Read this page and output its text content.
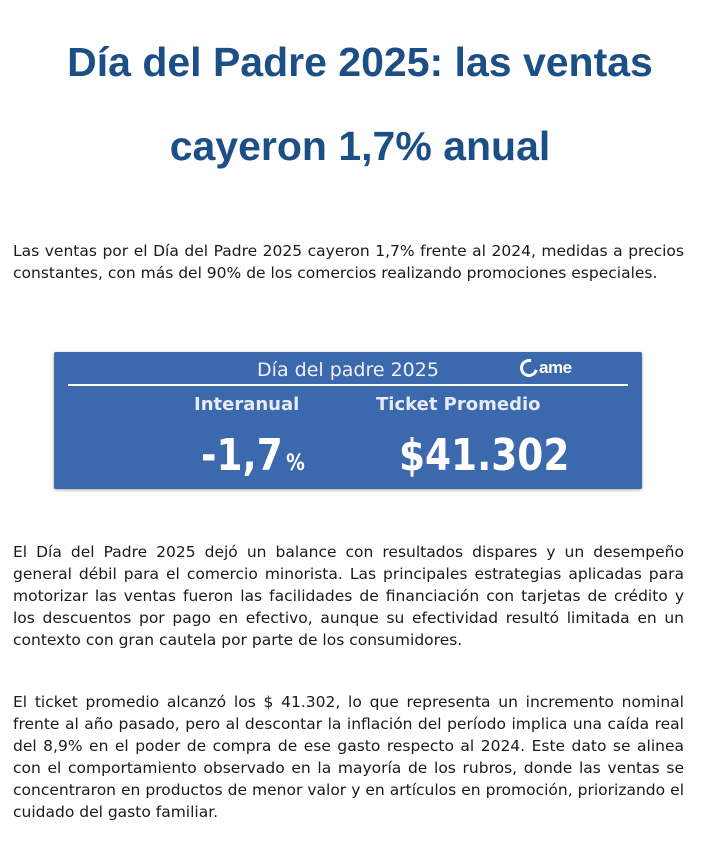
Día del Padre 2025: las ventas cayeron 1,7% anual

Las ventas por el Día del Padre 2025 cayeron 1,7% frente al 2024, medidas a precios constantes, con más del 90% de los comercios realizando promociones especiales.

Día del padre 2025	ame
Interanual	Ticket Promedio
-1,7 % $41.302

El Día del Padre 2025 dejó un balance con resultados dispares y un desempeño general débil para el comercio minorista. Las principales estrategias aplicadas para motorizar las ventas fueron las facilidades de financiación con tarjetas de crédito y los descuentos por pago en efectivo, aunque su efectividad resultó limitada en un contexto con gran cautela por parte de los consumidores.

El ticket promedio alcanzó los $ 41.302, lo que representa un incremento nominal frente al año pasado, pero al descontar la inflación del período implica una caída real del 8,9% en el poder de compra de ese gasto respecto al 2024. Este dato se alinea con el comportamiento observado en la mayoría de los rubros, donde las ventas se concentraron en productos de menor valor y en artículos en promoción, priorizando el cuidado del gasto familiar.
